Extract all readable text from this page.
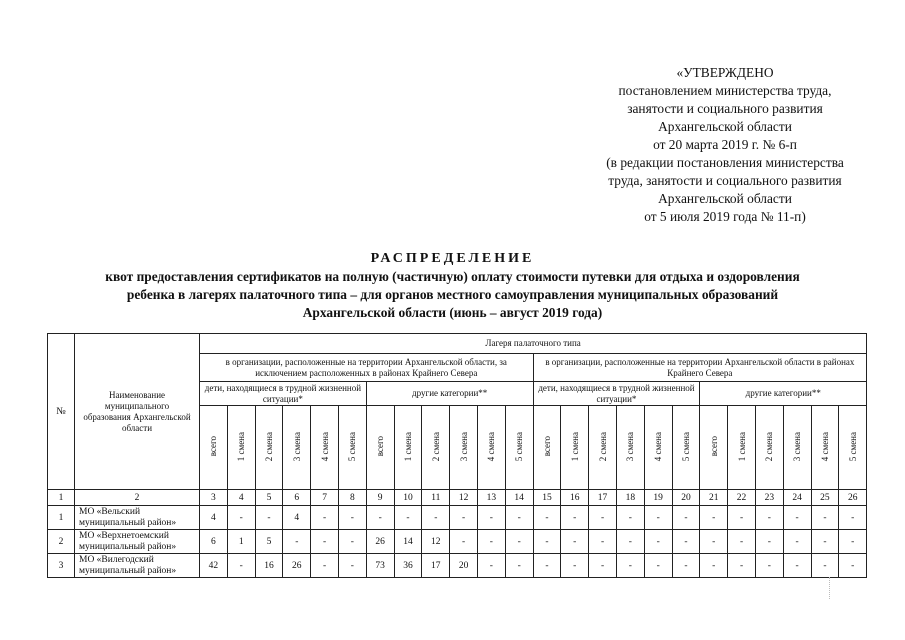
«УТВЕРЖДЕНО
постановлением министерства труда,
занятости и социального развития
Архангельской области
от 20 марта 2019 г. № 6-п
(в редакции постановления министерства
труда, занятости и социального развития
Архангельской области
от 5 июля 2019 года № 11-п)
РАСПРЕДЕЛЕНИЕ
квот предоставления сертификатов на полную (частичную) оплату стоимости путевки для отдыха и оздоровления
ребенка в лагерях палаточного типа – для органов местного самоуправления муниципальных образований
Архангельской области (июнь – август 2019 года)
№	Наименование муниципального образования Архангельской области	Лагеря палаточного типа																							
		в организации, расположенные на территории Архангельской области, за исключением расположенных в районах Крайнего Севера												в организации, расположенные на территории Архангельской области в районах Крайнего Севера											
		дети, находящиеся в трудной жизненной ситуации*						другие категории**						дети, находящиеся в трудной жизненной ситуации*						другие категории**					
		всего	1 смена	2 смена	3 смена	4 смена	5 смена	всего	1 смена	2 смена	3 смена	4 смена	5 смена	всего	1 смена	2 смена	3 смена	4 смена	5 смена	всего	1 смена	2 смена	3 смена	4 смена	5 смена
1	2	3	4	5	6	7	8	9	10	11	12	13	14	15	16	17	18	19	20	21	22	23	24	25	26
1	МО «Вельский муниципальный район»	4	-	-	4	-	-	-	-	-	-	-	-	-	-	-	-	-	-	-	-	-	-	-	-
2	МО «Верхнетоемский муниципальный район»	6	1	5	-	-	-	26	14	12	-	-	-	-	-	-	-	-	-	-	-	-	-	-	-
3	МО «Вилегодский муниципальный район»	42	-	16	26	-	-	73	36	17	20	-	-	-	-	-	-	-	-	-	-	-	-	-	-
